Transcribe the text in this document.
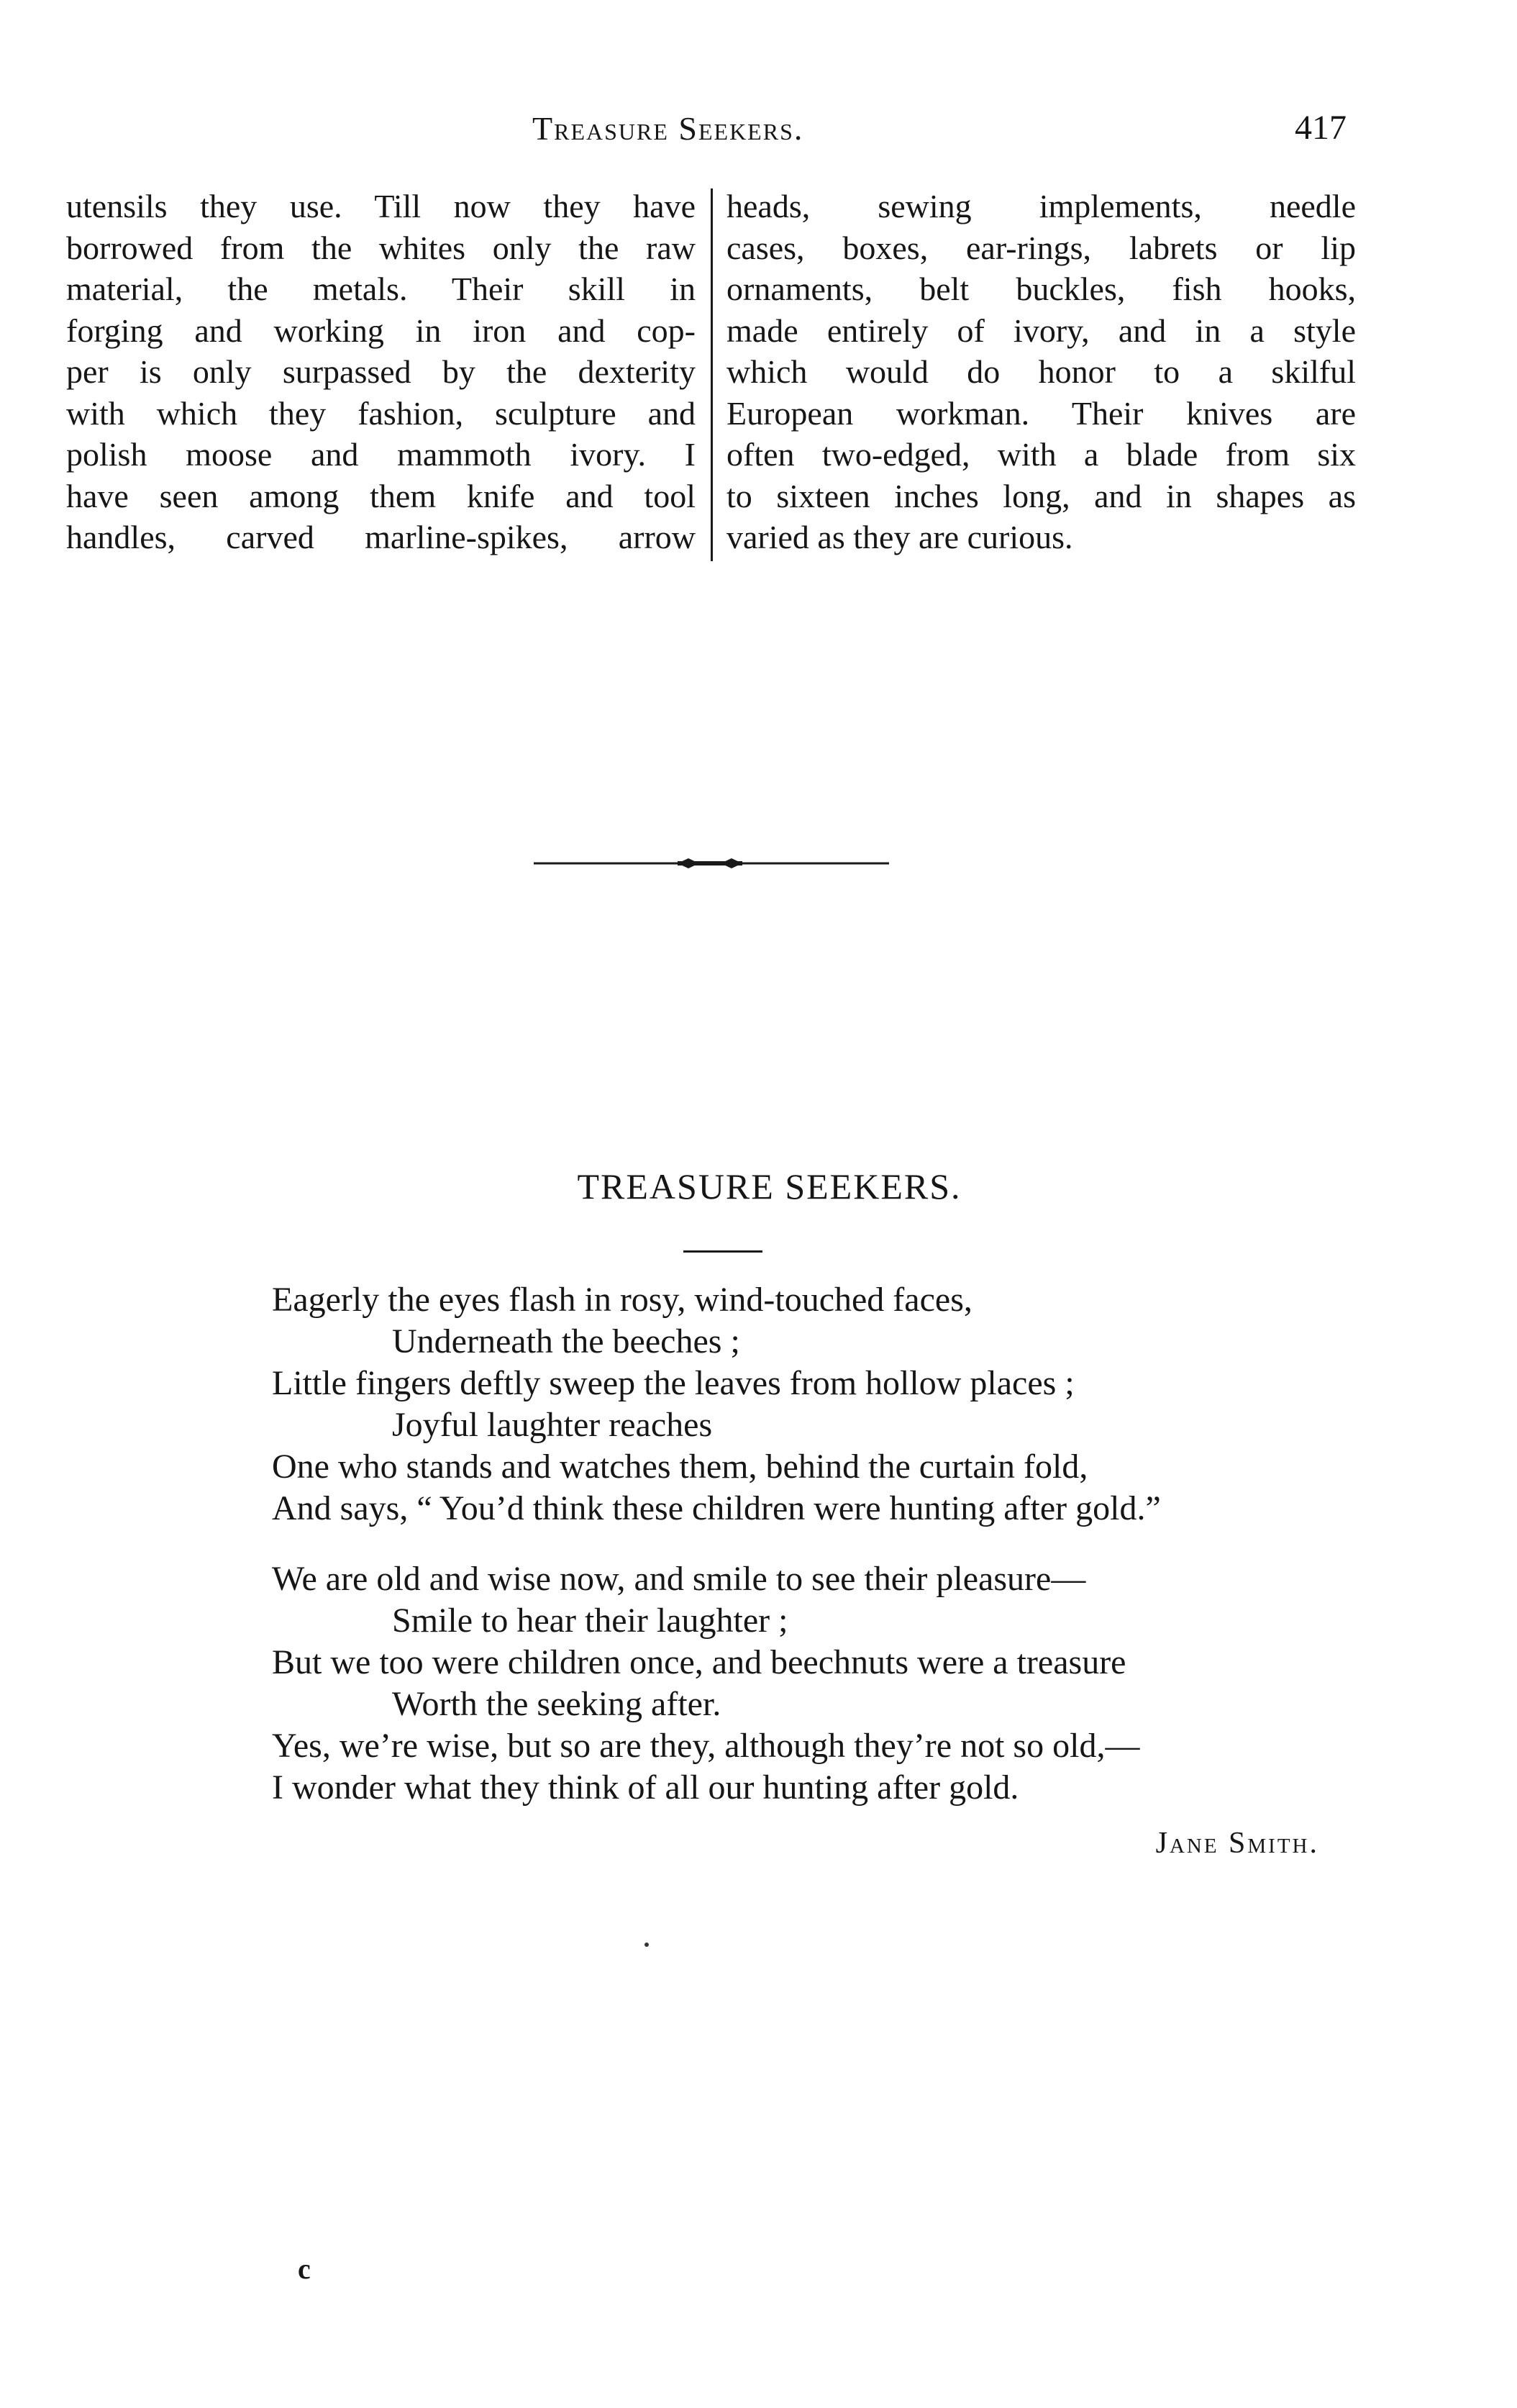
Treasure Seekers.	417
utensils they use. Till now they have
borrowed from the whites only the raw
material, the metals. Their skill in
forging and working in iron and cop-
per is only surpassed by the dexterity
with which they fashion, sculpture and
polish moose and mammoth ivory. I
have seen among them knife and tool
handles, carved marline-spikes, arrow
heads, sewing implements, needle
cases, boxes, ear-rings, labrets or lip
ornaments, belt buckles, fish hooks,
made entirely of ivory, and in a style
which would do honor to a skilful
European workman. Their knives are
often two-edged, with a blade from six
to sixteen inches long, and in shapes as
varied as they are curious.
TREASURE SEEKERS.
Eagerly the eyes flash in rosy, wind-touched faces,
Underneath the beeches ;
Little fingers deftly sweep the leaves from hollow places ;
Joyful laughter reaches
One who stands and watches them, behind the curtain fold,
And says, “ You’d think these children were hunting after gold.”
We are old and wise now, and smile to see their pleasure—
Smile to hear their laughter ;
But we too were children once, and beechnuts were a treasure
Worth the seeking after.
Yes, we’re wise, but so are they, although they’re not so old,—
I wonder what they think of all our hunting after gold.
Jane Smith.
c
